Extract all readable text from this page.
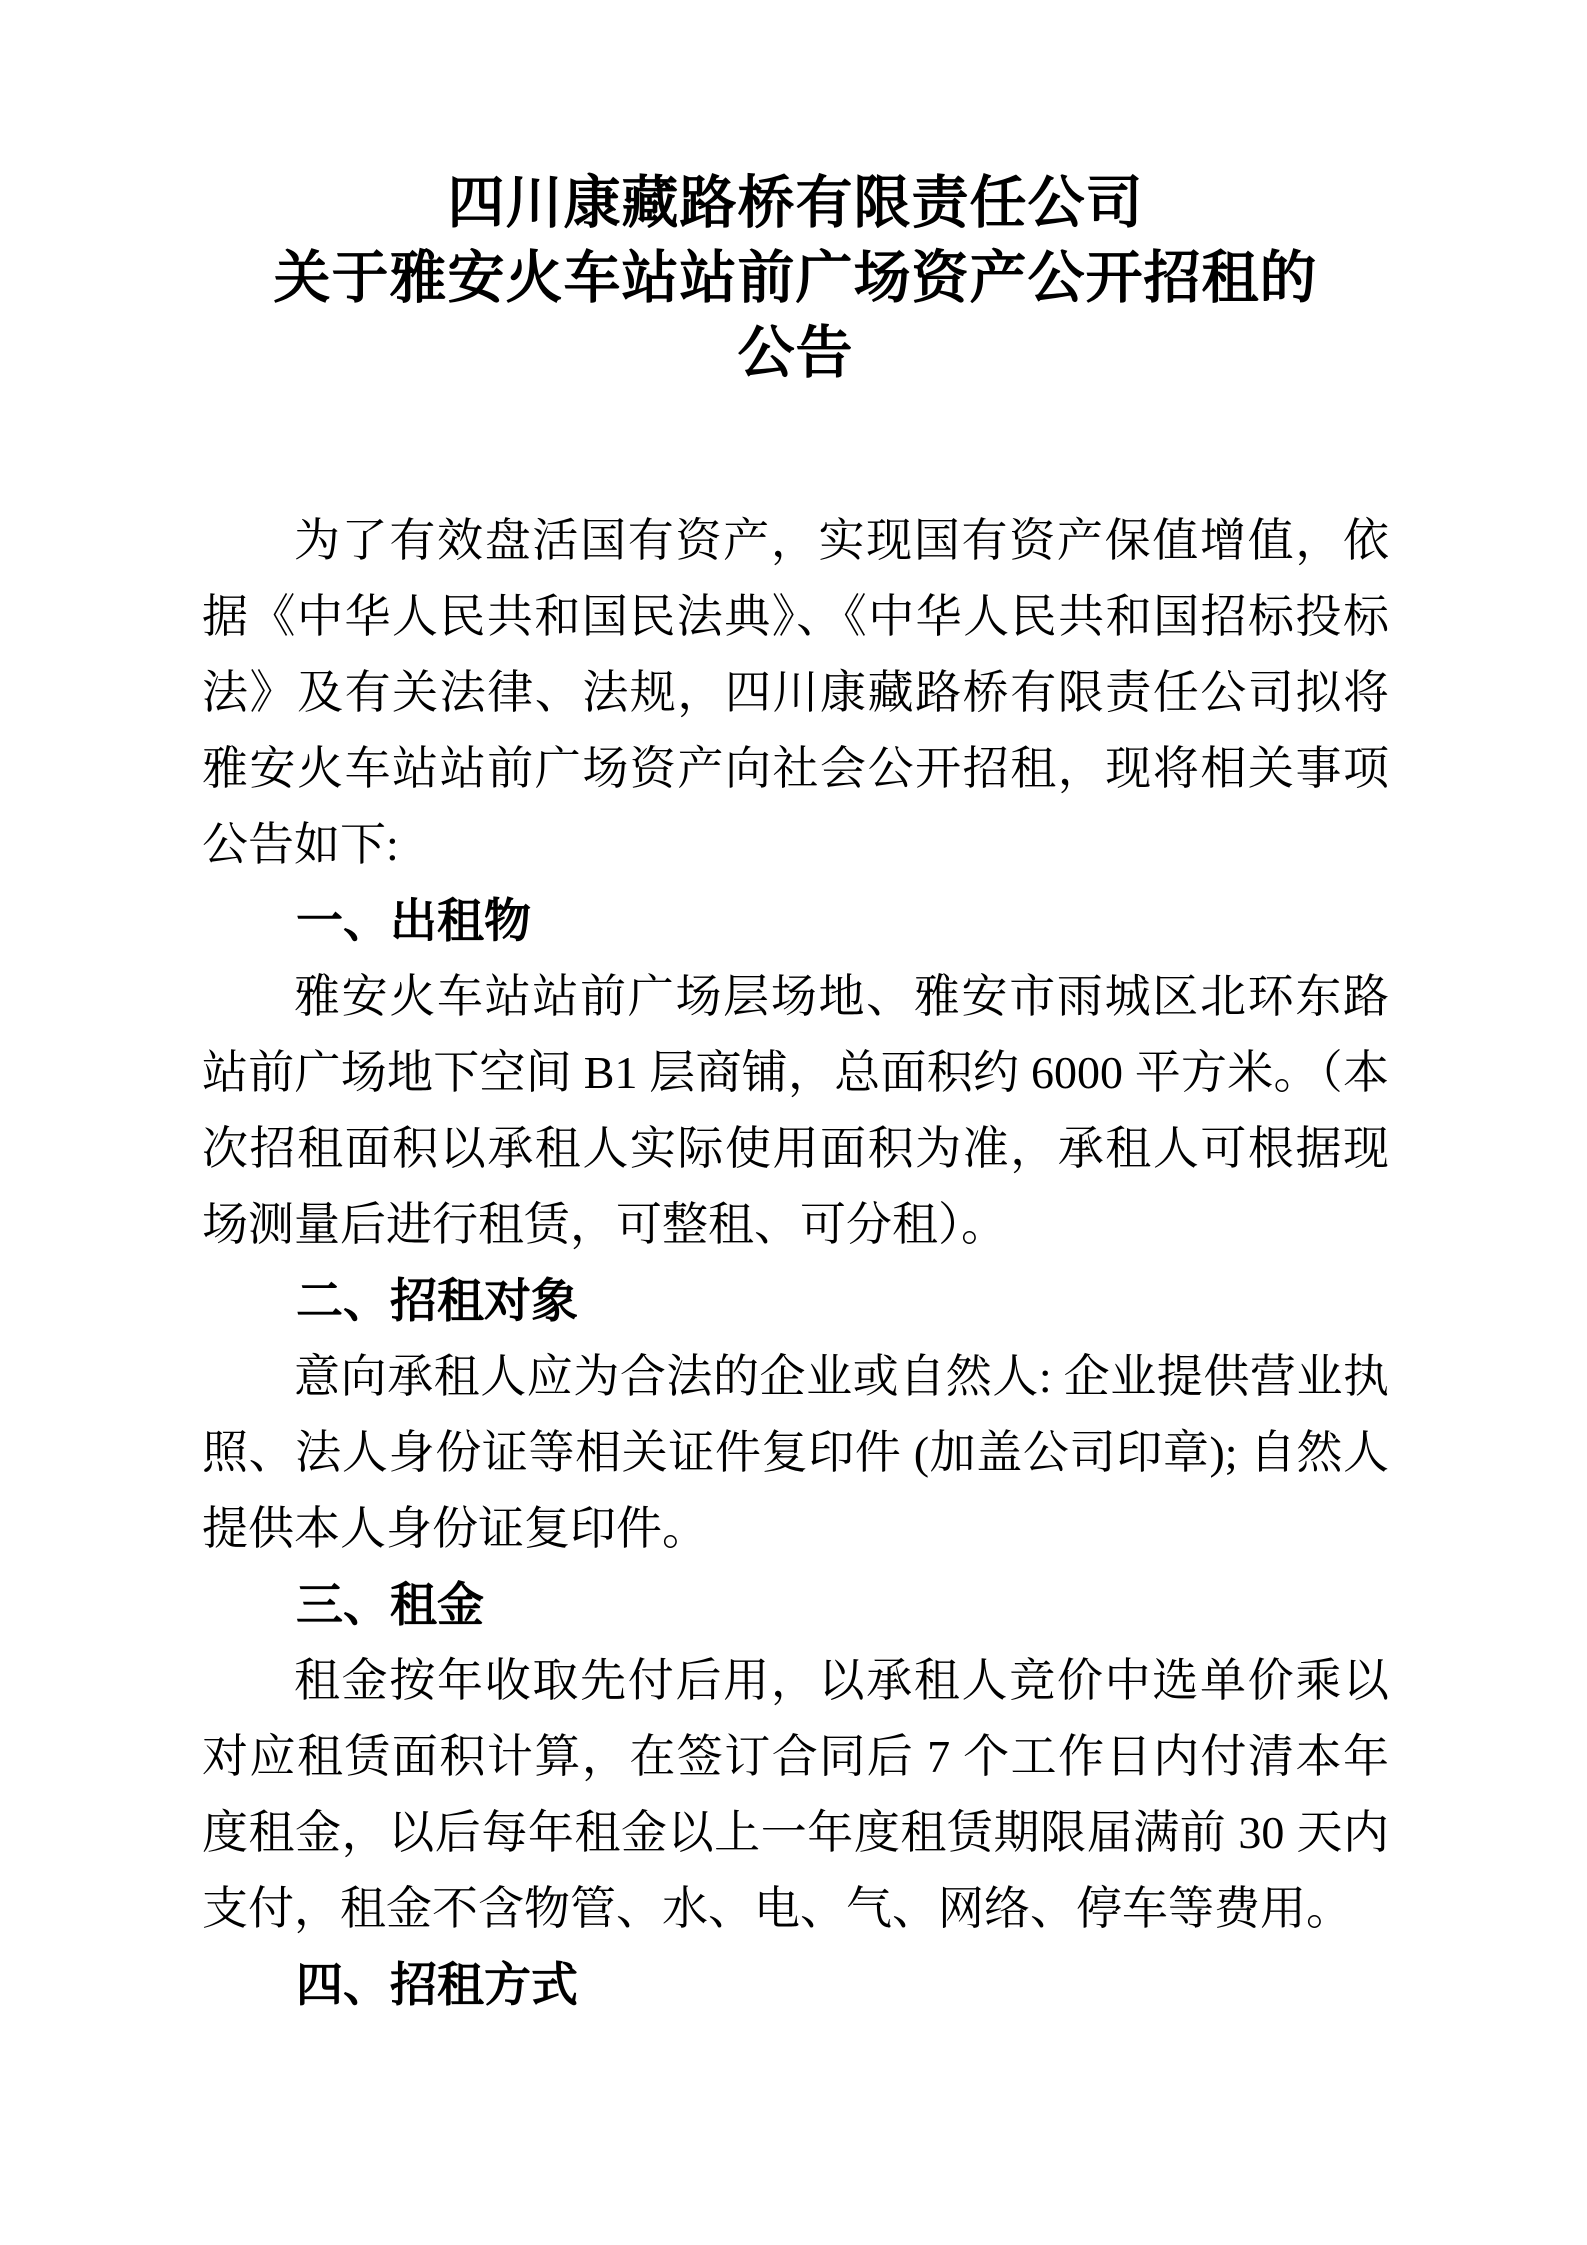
四川康藏路桥有限责任公司
关于雅安火车站站前广场资产公开招租的
公告

为了有效盘活国有资产，实现国有资产保值增值，依据《中华人民共和国民法典》、《中华人民共和国招标投标法》及有关法律、法规，四川康藏路桥有限责任公司拟将雅安火车站站前广场资产向社会公开招租，现将相关事项公告如下:

一、出租物

雅安火车站站前广场层场地、雅安市雨城区北环东路站前广场地下空间 B1 层商铺，总面积约 6000 平方米。（本次招租面积以承租人实际使用面积为准，承租人可根据现场测量后进行租赁，可整租、可分租）。

二、招租对象

意向承租人应为合法的企业或自然人: 企业提供营业执照、法人身份证等相关证件复印件 (加盖公司印章); 自然人提供本人身份证复印件。

三、租金

租金按年收取先付后用，以承租人竞价中选单价乘以对应租赁面积计算，在签订合同后 7 个工作日内付清本年度租金，以后每年租金以上一年度租赁期限届满前 30 天内支付，租金不含物管、水、电、气、网络、停车等费用。

四、招租方式
